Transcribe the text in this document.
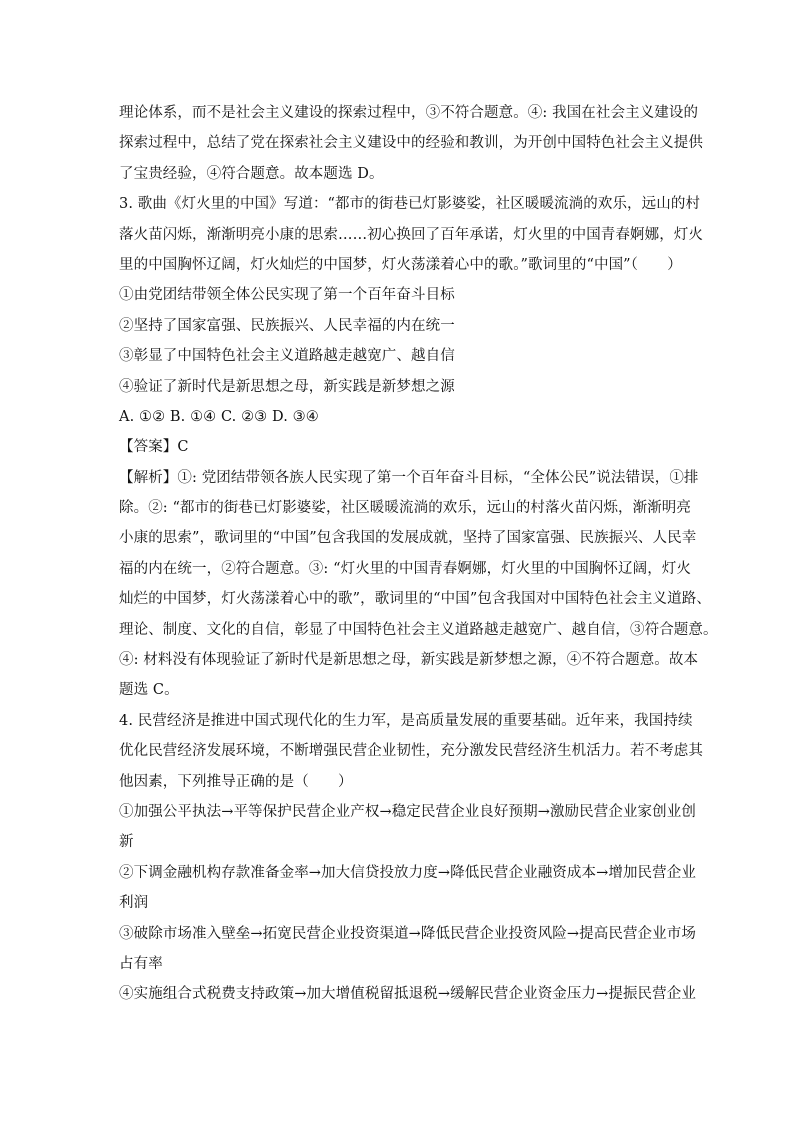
理论体系，而不是社会主义建设的探索过程中，③不符合题意。④: 我国在社会主义建设的
探索过程中，总结了党在探索社会主义建设中的经验和教训，为开创中国特色社会主义提供
了宝贵经验，④符合题意。故本题选 D。
3. 歌曲《灯火里的中国》写道：“都市的街巷已灯影婆娑，社区暖暖流淌的欢乐，远山的村
落火苗闪烁，渐渐明亮小康的思索……初心换回了百年承诺，灯火里的中国青春婀娜，灯火
里的中国胸怀辽阔，灯火灿烂的中国梦，灯火荡漾着心中的歌。”歌词里的“中国”（　　）
①由党团结带领全体公民实现了第一个百年奋斗目标
②坚持了国家富强、民族振兴、人民幸福的内在统一
③彰显了中国特色社会主义道路越走越宽广、越自信
④验证了新时代是新思想之母，新实践是新梦想之源
A. ①② B. ①④ C. ②③ D. ③④
【答案】C
【解析】①: 党团结带领各族人民实现了第一个百年奋斗目标，“全体公民”说法错误，①排
除。②: “都市的街巷已灯影婆娑，社区暖暖流淌的欢乐，远山的村落火苗闪烁，渐渐明亮
小康的思索”，歌词里的“中国”包含我国的发展成就，坚持了国家富强、民族振兴、人民幸
福的内在统一，②符合题意。③: “灯火里的中国青春婀娜，灯火里的中国胸怀辽阔，灯火
灿烂的中国梦，灯火荡漾着心中的歌”，歌词里的“中国”包含我国对中国特色社会主义道路、
理论、制度、文化的自信，彰显了中国特色社会主义道路越走越宽广、越自信，③符合题意。
④: 材料没有体现验证了新时代是新思想之母，新实践是新梦想之源，④不符合题意。故本
题选 C。
4. 民营经济是推进中国式现代化的生力军，是高质量发展的重要基础。近年来，我国持续
优化民营经济发展环境，不断增强民营企业韧性，充分激发民营经济生机活力。若不考虑其
他因素，下列推导正确的是（　　）
①加强公平执法→平等保护民营企业产权→稳定民营企业良好预期→激励民营企业家创业创
新
②下调金融机构存款准备金率→加大信贷投放力度→降低民营企业融资成本→增加民营企业
利润
③破除市场准入壁垒→拓宽民营企业投资渠道→降低民营企业投资风险→提高民营企业市场
占有率
④实施组合式税费支持政策→加大增值税留抵退税→缓解民营企业资金压力→提振民营企业
